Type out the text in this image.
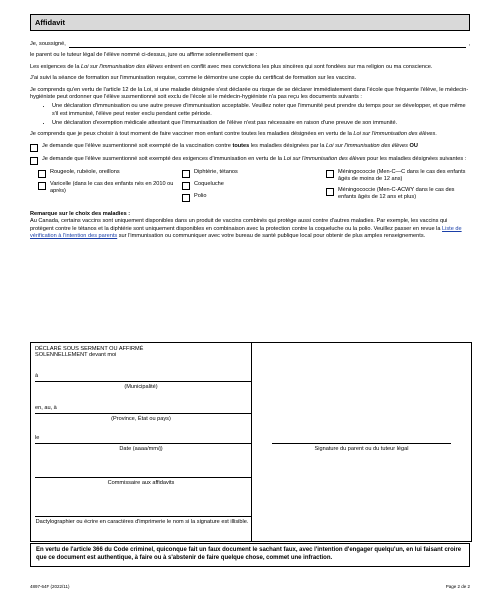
Affidavit
Je, soussigné,	,

le parent ou le tuteur légal de l'élève nommé ci-dessus, jure ou affirme solennellement que :

Les exigences de la Loi sur l'immunisation des élèves entrent en conflit avec mes convictions les plus sincères qui sont fondées sur ma religion ou ma conscience.

J'ai suivi la séance de formation sur l'immunisation requise, comme le démontre une copie du certificat de formation sur les vaccins.

Je comprends qu'en vertu de l'article 12 de la Loi, si une maladie désignée s'est déclarée ou risque de se déclarer immédiatement dans l'école que fréquente l'élève, le médecin-hygiéniste peut ordonner que l'élève susmentionné soit exclu de l'école si le médecin-hygiéniste n'a pas reçu les documents suivants :

• Une déclaration d'immunisation ou une autre preuve d'immunisation acceptable. Veuillez noter que l'immunité peut prendre du temps pour se développer, et que même s'il est immunisé, l'élève peut rester exclu pendant cette période.
• Une déclaration d'exemption médicale attestant que l'immunisation de l'élève n'est pas nécessaire en raison d'une preuve de son immunité.

Je comprends que je peux choisir à tout moment de faire vacciner mon enfant contre toutes les maladies désignées en vertu de la Loi sur l'immunisation des élèves.

Je demande que l'élève susmentionné soit exempté de la vaccination contre toutes les maladies désignées par la Loi sur l'immunisation des élèves OU
Je demande que l'élève susmentionné soit exempté des exigences d'immunisation en vertu de la Loi sur l'immunisation des élèves pour les maladies désignées suivantes :
Rougeole, rubéole, oreillons
Varicelle (dans le cas des enfants nés en 2010 ou après)
Diphtérie, tétanos
Coqueluche
Polio
Méningococcie (Men-C—C dans le cas des enfants âgés de moins de 12 ans)
Méningococcie (Men-C-ACWY dans le cas des enfants âgés de 12 ans et plus)
Remarque sur le choix des maladies :
Au Canada, certains vaccins sont uniquement disponibles dans un produit de vaccins combinés qui protège aussi contre d'autres maladies. Par exemple, les vaccins qui protègent contre le tétanos et la diphtérie sont uniquement disponibles en combinaison avec la protection contre la coqueluche ou la polio. Veuillez passer en revue la Liste de vérification à l'intention des parents sur l'immunisation ou communiquer avec votre bureau de santé publique local pour obtenir de plus amples renseignements.
DÉCLARÉ SOUS SERMENT OU AFFIRMÉ SOLENNELLEMENT devant moi
à
(Municipalité)
en, au, à
(Province, État ou pays)
le
Date (aaaa/mm/j)
Commissaire aux affidavits
Dactylographier ou écrire en caractères d'imprimerie le nom si la signature est illisible.
Signature du parent ou du tuteur légal
En vertu de l'article 366 du Code criminel, quiconque fait un faux document le sachant faux, avec l'intention d'engager quelqu'un, en lui faisant croire que ce document est authentique, à faire ou à s'abstenir de faire quelque chose, commet une infraction.
4897-64F (2022/11)	Page 2 de 2
